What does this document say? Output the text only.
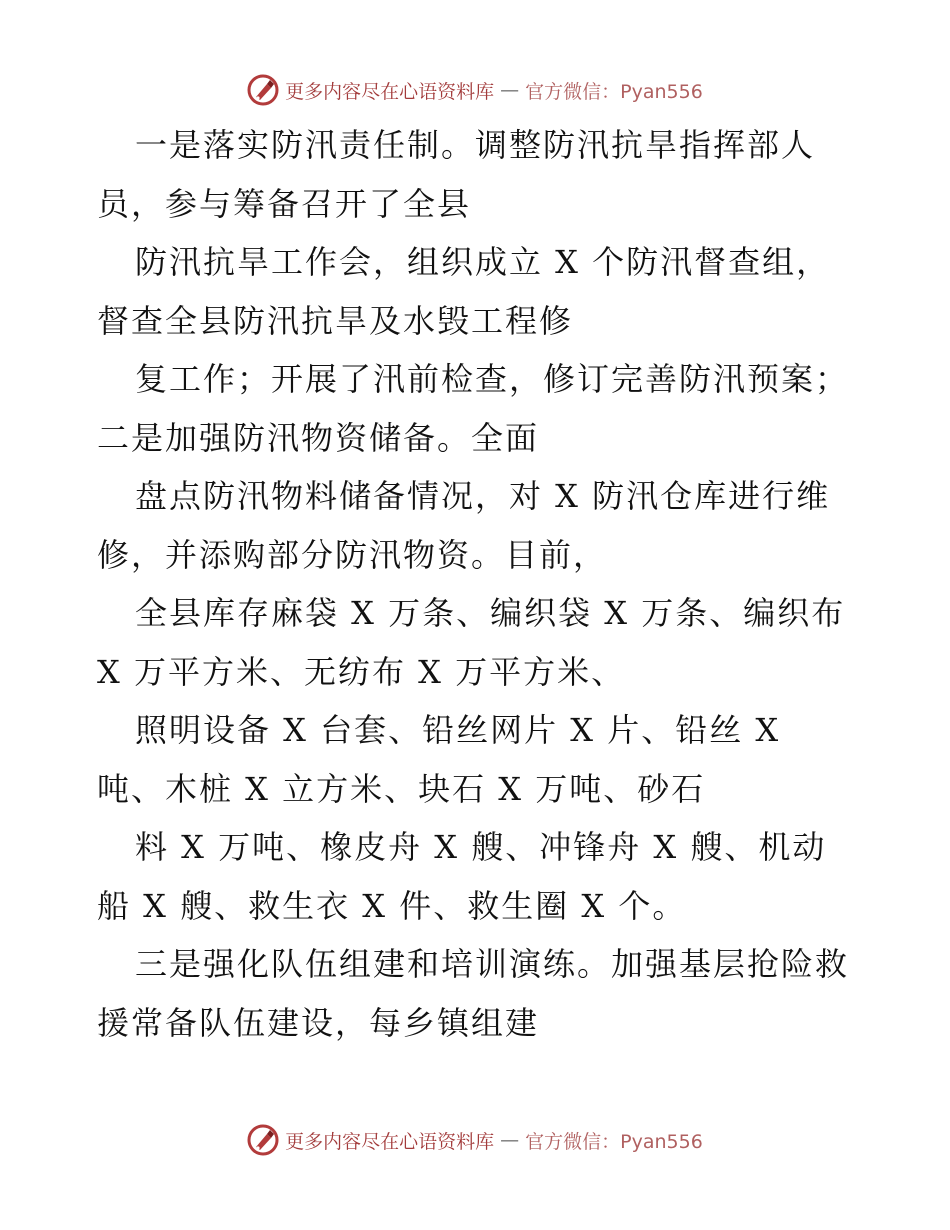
更多内容尽在心语资料库 — 官方微信：Pyan556
一是落实防汛责任制。调整防汛抗旱指挥部人
员，参与筹备召开了全县
防汛抗旱工作会，组织成立 X 个防汛督查组，
督查全县防汛抗旱及水毁工程修
复工作；开展了汛前检查，修订完善防汛预案；
二是加强防汛物资储备。全面
盘点防汛物料储备情况，对 X 防汛仓库进行维
修，并添购部分防汛物资。目前，
全县库存麻袋 X 万条、编织袋 X 万条、编织布
X 万平方米、无纺布 X 万平方米、
照明设备 X 台套、铅丝网片 X 片、铅丝 X
吨、木桩 X 立方米、块石 X 万吨、砂石
料 X 万吨、橡皮舟 X 艘、冲锋舟 X 艘、机动
船 X 艘、救生衣 X 件、救生圈 X 个。
三是强化队伍组建和培训演练。加强基层抢险救
援常备队伍建设，每乡镇组建
更多内容尽在心语资料库 — 官方微信：Pyan556
